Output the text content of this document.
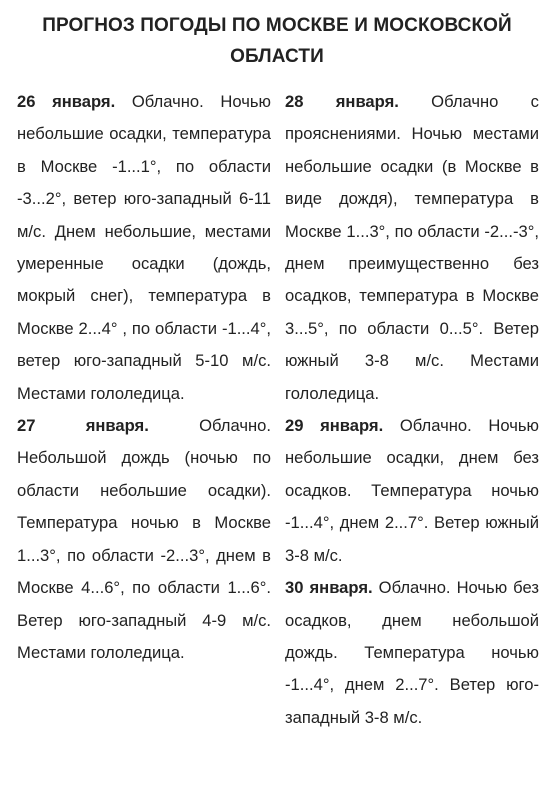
ПРОГНОЗ ПОГОДЫ ПО МОСКВЕ И МОСКОВСКОЙ ОБЛАСТИ

26 января. Облачно. Ночью небольшие осадки, температура в Москве -1...1°, по области -3...2°, ветер юго-западный 6-11 м/с. Днем небольшие, местами умеренные осадки (дождь, мокрый снег), температура в Москве 2...4° , по области -1...4°, ветер юго-западный 5-10 м/с. Местами гололедица.

27 января.	Облачно. Небольшой дождь (ночью по области небольшие осадки). Температура ночью в Москве 1...3°, по области -2...3°, днем в Москве 4...6°, по области 1...6°. Ветер юго-западный 4-9 м/с. Местами гололедица.

28 января. Облачно с прояснениями. Ночью местами небольшие осадки (в Москве в виде дождя), температура в Москве 1...3°, по области -2...-3°, днем преимущественно без осадков, температура в Москве 3...5°, по области 0...5°. Ветер южный 3-8 м/с. Местами гололедица.

29 января. Облачно. Ночью небольшие осадки, днем без осадков. Температура ночью -1...4°, днем 2...7°. Ветер южный 3-8 м/с.

30 января. Облачно. Ночью без осадков, днем небольшой дождь. Температура ночью -1...4°, днем 2...7°. Ветер юго-западный 3-8 м/с.
